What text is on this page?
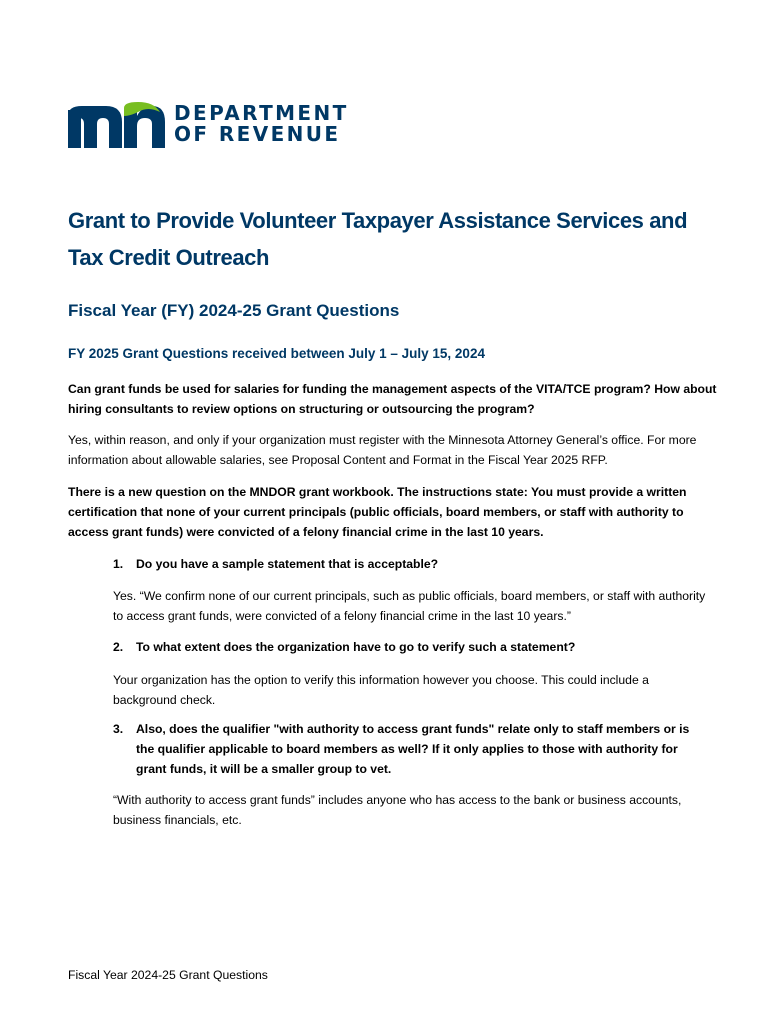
DEPARTMENT
OF REVENUE
Grant to Provide Volunteer Taxpayer Assistance Services and Tax Credit Outreach
Fiscal Year (FY) 2024-25 Grant Questions
FY 2025 Grant Questions received between July 1 – July 15, 2024
Can grant funds be used for salaries for funding the management aspects of the VITA/TCE program? How about hiring consultants to review options on structuring or outsourcing the program?
Yes, within reason, and only if your organization must register with the Minnesota Attorney General’s office. For more information about allowable salaries, see Proposal Content and Format in the Fiscal Year 2025 RFP.
There is a new question on the MNDOR grant workbook. The instructions state: You must provide a written certification that none of your current principals (public officials, board members, or staff with authority to access grant funds) were convicted of a felony financial crime in the last 10 years.
1. Do you have a sample statement that is acceptable?
Yes. “We confirm none of our current principals, such as public officials, board members, or staff with authority to access grant funds, were convicted of a felony financial crime in the last 10 years.”
2. To what extent does the organization have to go to verify such a statement?
Your organization has the option to verify this information however you choose. This could include a background check.
3. Also, does the qualifier "with authority to access grant funds" relate only to staff members or is the qualifier applicable to board members as well? If it only applies to those with authority for grant funds, it will be a smaller group to vet.
“With authority to access grant funds” includes anyone who has access to the bank or business accounts, business financials, etc.
Fiscal Year 2024-25 Grant Questions
